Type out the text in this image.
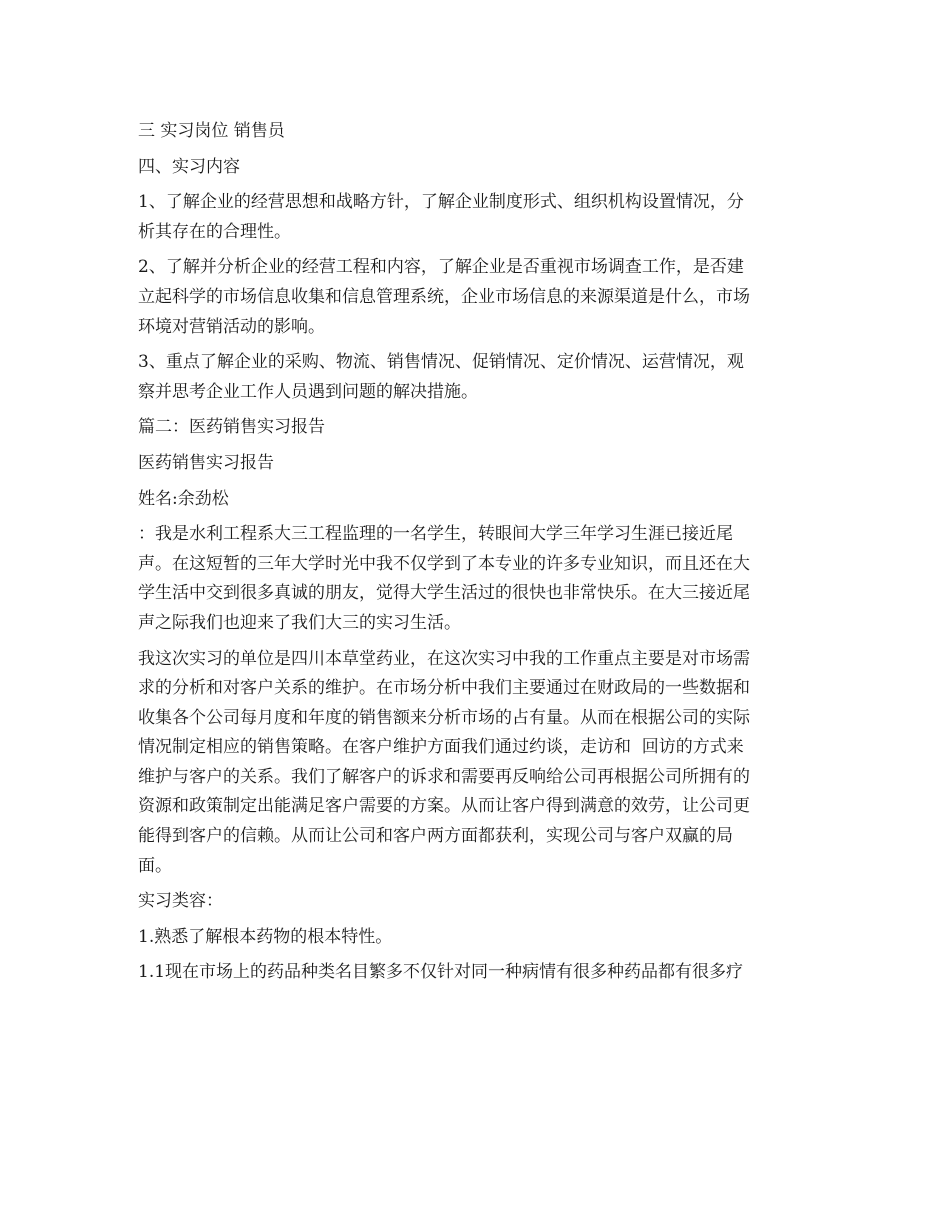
三 实习岗位 销售员
四、实习内容
1、了解企业的经营思想和战略方针，了解企业制度形式、组织机构设置情况，分
析其存在的合理性。
2、了解并分析企业的经营工程和内容，了解企业是否重视市场调查工作，是否建
立起科学的市场信息收集和信息管理系统，企业市场信息的来源渠道是什么，市场
环境对营销活动的影响。
3、重点了解企业的采购、物流、销售情况、促销情况、定价情况、运营情况，观
察并思考企业工作人员遇到问题的解决措施。
篇二：医药销售实习报告
医药销售实习报告
姓名:余劲松
：我是水利工程系大三工程监理的一名学生，转眼间大学三年学习生涯已接近尾
声。在这短暂的三年大学时光中我不仅学到了本专业的许多专业知识，而且还在大
学生活中交到很多真诚的朋友，觉得大学生活过的很快也非常快乐。在大三接近尾
声之际我们也迎来了我们大三的实习生活。
我这次实习的单位是四川本草堂药业，在这次实习中我的工作重点主要是对市场需
求的分析和对客户关系的维护。在市场分析中我们主要通过在财政局的一些数据和
收集各个公司每月度和年度的销售额来分析市场的占有量。从而在根据公司的实际
情况制定相应的销售策略。在客户维护方面我们通过约谈，走访和  回访的方式来
维护与客户的关系。我们了解客户的诉求和需要再反响给公司再根据公司所拥有的
资源和政策制定出能满足客户需要的方案。从而让客户得到满意的效劳，让公司更
能得到客户的信赖。从而让公司和客户两方面都获利，实现公司与客户双赢的局
面。
实习类容：
1.熟悉了解根本药物的根本特性。
1.1现在市场上的药品种类名目繁多不仅针对同一种病情有很多种药品都有很多疗
